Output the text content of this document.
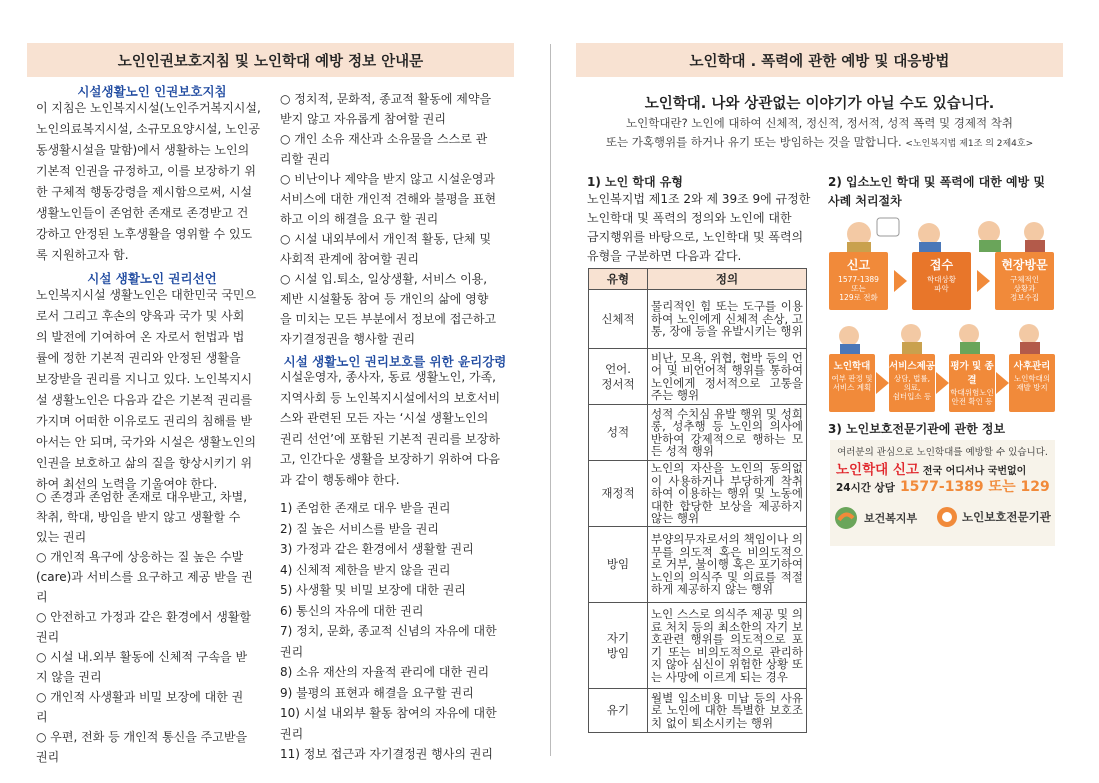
노인인권보호지침 및 노인학대 예방 정보 안내문
시설생활노인 인권보호지침
이 지침은 노인복지시설(노인주거복지시설,
노인의료복지시설, 소규모요양시설, 노인공
동생활시설을 말함)에서 생활하는 노인의
기본적 인권을 규정하고, 이를 보장하기 위
한 구체적 행동강령을 제시함으로써, 시설
생활노인들이 존엄한 존재로 존경받고 건
강하고 안정된 노후생활을 영위할 수 있도
록 지원하고자 함.
시설 생활노인 권리선언
노인복지시설 생활노인은 대한민국 국민으
로서 그리고 후손의 양육과 국가 및 사회
의 발전에 기여하여 온 자로서 헌법과 법
률에 정한 기본적 권리와 안정된 생활을
보장받을 권리를 지니고 있다. 노인복지시
설 생활노인은 다음과 같은 기본적 권리를
가지며 어떠한 이유로도 권리의 침해를 받
아서는 안 되며, 국가와 시설은 생활노인의
인권을 보호하고 삶의 질을 향상시키기 위
하여 최선의 노력을 기울여야 한다.
○ 존경과 존엄한 존재로 대우받고, 차별,
착취, 학대, 방임을 받지 않고 생활할 수
있는 권리
○ 개인적 욕구에 상응하는 질 높은 수발
(care)과 서비스를 요구하고 제공 받을 권
리
○ 안전하고 가정과 같은 환경에서 생활할
권리
○ 시설 내.외부 활동에 신체적 구속을 받
지 않을 권리
○ 개인적 사생활과 비밀 보장에 대한 권
리
○ 우편, 전화 등 개인적 통신을 주고받을
권리
○ 정치적, 문화적, 종교적 활동에 제약을
받지 않고 자유롭게 참여할 권리
○ 개인 소유 재산과 소유물을 스스로 관
리할 권리
○ 비난이나 제약을 받지 않고 시설운영과
서비스에 대한 개인적 견해와 불평을 표현
하고 이의 해결을 요구 할 권리
○ 시설 내외부에서 개인적 활동, 단체 및
사회적 관계에 참여할 권리
○ 시설 입.퇴소, 일상생활, 서비스 이용,
제반 시설활동 참여 등 개인의 삶에 영향
을 미치는 모든 부분에서 정보에 접근하고
자기결정권을 행사할 권리
시설 생활노인 권리보호를 위한 윤리강령
시설운영자, 종사자, 동료 생활노인, 가족,
지역사회 등 노인복지시설에서의 보호서비
스와 관련된 모든 자는 ‘시설 생활노인의
권리 선언’에 포함된 기본적 권리를 보장하
고, 인간다운 생활을 보장하기 위하여 다음
과 같이 행동해야 한다.
1) 존엄한 존재로 대우 받을 권리
2) 질 높은 서비스를 받을 권리
3) 가정과 같은 환경에서 생활할 권리
4) 신체적 제한을 받지 않을 권리
5) 사생활 및 비밀 보장에 대한 권리
6) 통신의 자유에 대한 권리
7) 정치, 문화, 종교적 신념의 자유에 대한
권리
8) 소유 재산의 자율적 관리에 대한 권리
9) 불평의 표현과 해결을 요구할 권리
10) 시설 내외부 활동 참여의 자유에 대한
권리
11) 정보 접근과 자기결정권 행사의 권리
노인학대 . 폭력에 관한 예방 및 대응방법
노인학대. 나와 상관없는 이야기가 아닐 수도 있습니다.
노인학대란? 노인에 대하여 신체적, 정신적, 정서적, 성적 폭력 및 경제적 착취
또는 가혹행위를 하거나 유기 또는 방임하는 것을 말합니다. <노인복지법 제1조 의 2제4호>
1) 노인 학대 유형
노인복지법 제1조 2와 제 39조 9에 규정한
노인학대 및 폭력의 정의와 노인에 대한
금지행위를 바탕으로, 노인학대 및 폭력의
유형을 구분하면 다음과 같다.
유형	정의
신체적	물리적인 힘 또는 도구를 이용하여 노인에게 신체적 손상, 고통, 장애 등을 유발시키는 행위
언어.
정서적	비난, 모욕, 위협, 협박 등의 언어 및 비언어적 행위를 통하여 노인에게 정서적으로 고통을 주는 행위
성적	성적 수치심 유발 행위 및 성희롱, 성추행 등 노인의 의사에 반하여 강제적으로 행하는 모든 성적 행위
재정적	노인의 자산을 노인의 동의없이 사용하거나 부당하게 착취 하여 이용하는 행위 및 노동에 대한 합당한 보상을 제공하지 않는 행위
방임	부양의무자로서의 책임이나 의무를 의도적 혹은 비의도적으로 거부, 불이행 혹은 포기하여 노인의 의식주 및 의료를 적절하게 제공하지 않는 행위
자기
방임	노인 스스로 의식주 제공 및 의료 처치 등의 최소한의 자기 보호관련 행위를 의도적으로 포기 또는 비의도적으로 관리하지 않아 심신이 위험한 상황 또는 사망에 이르게 되는 경우
유기	월별 입소비용 미납 등의 사유로 노인에 대한 특별한 보호조치 없이 퇴소시키는 행위
2) 입소노인 학대 및 폭력에 대한 예방 및
사례 처리절차
신고
1577-1389
또는
129로 전화
접수
학대상황
파악
현장방문
구체적인
상황과
정보수집
노인학대
여부 판정 및
서비스 계획
서비스제공
상담, 법률,
의료,
쉼터입소 등
평가 및 종결
학대위험노인
안전 확인 등
사후관리
노인학대의
재발 방지
3) 노인보호전문기관에 관한 정보
여러분의 관심으로 노인학대를 예방할 수 있습니다.
노인학대 신고 전국 어디서나 국번없이
24시간 상담 1577-1389 또는 129
보건복지부	노인보호전문기관
